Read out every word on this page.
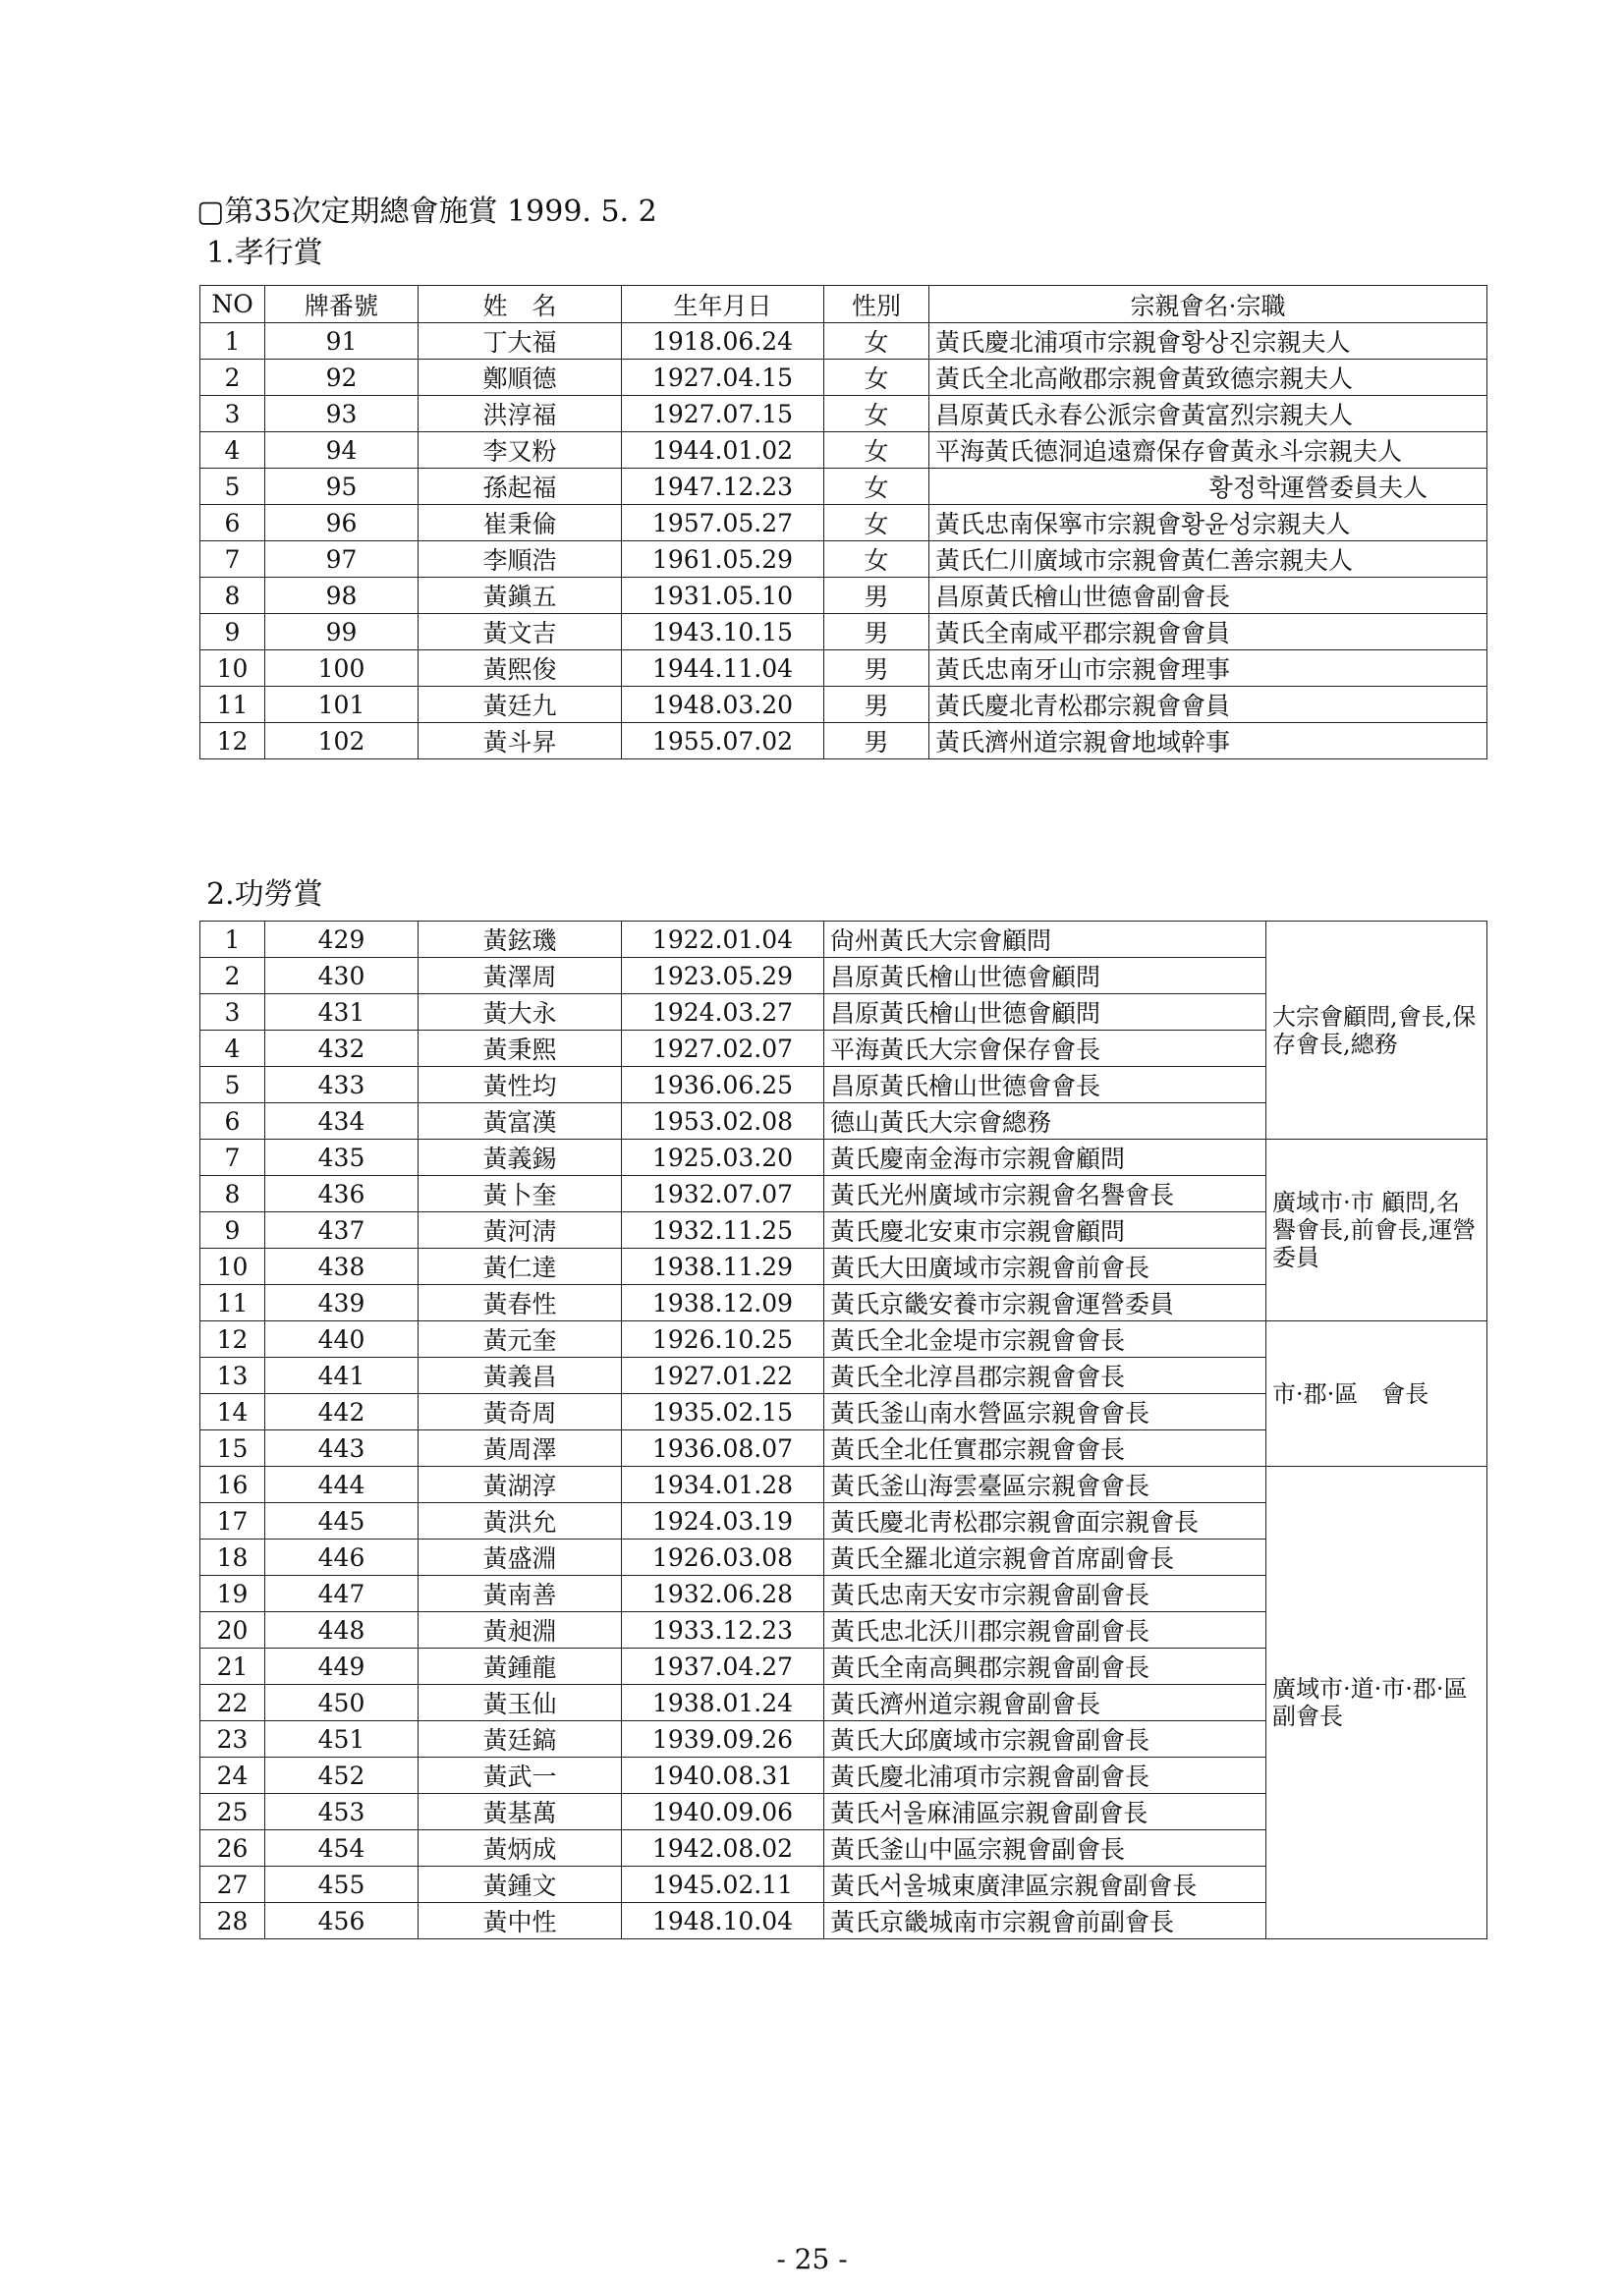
▢第35次定期總會施賞 1999. 5. 2
1.孝行賞
NO	牌番號	姓　名	生年月日	性別	宗親會名·宗職
1	91	丁大福	1918.06.24	女	黃氏慶北浦項市宗親會황상진宗親夫人
2	92	鄭順德	1927.04.15	女	黃氏全北高敞郡宗親會黃致德宗親夫人
3	93	洪淳福	1927.07.15	女	昌原黃氏永春公派宗會黃富烈宗親夫人
4	94	李又粉	1944.01.02	女	平海黃氏德洞追遠齋保存會黃永斗宗親夫人
5	95	孫起福	1947.12.23	女	황정학運營委員夫人
6	96	崔秉倫	1957.05.27	女	黃氏忠南保寧市宗親會황윤성宗親夫人
7	97	李順浩	1961.05.29	女	黃氏仁川廣域市宗親會黃仁善宗親夫人
8	98	黃鎭五	1931.05.10	男	昌原黃氏檜山世德會副會長
9	99	黃文吉	1943.10.15	男	黃氏全南咸平郡宗親會會員
10	100	黃熙俊	1944.11.04	男	黃氏忠南牙山市宗親會理事
11	101	黃廷九	1948.03.20	男	黃氏慶北青松郡宗親會會員
12	102	黃斗昇	1955.07.02	男	黃氏濟州道宗親會地域幹事
2.功勞賞
1	429	黃鉉璣	1922.01.04	尙州黃氏大宗會顧問	大宗會顧問,會長,保存會長,總務
2	430	黃澤周	1923.05.29	昌原黃氏檜山世德會顧問	
3	431	黃大永	1924.03.27	昌原黃氏檜山世德會顧問	
4	432	黃秉熙	1927.02.07	平海黃氏大宗會保存會長	
5	433	黃性均	1936.06.25	昌原黃氏檜山世德會會長	
6	434	黃富漢	1953.02.08	德山黃氏大宗會總務	
7	435	黃義錫	1925.03.20	黃氏慶南金海市宗親會顧問	廣域市·市 顧問,名譽會長,前會長,運營委員
8	436	黃卜奎	1932.07.07	黃氏光州廣域市宗親會名譽會長	
9	437	黃河淸	1932.11.25	黃氏慶北安東市宗親會顧問	
10	438	黃仁達	1938.11.29	黃氏大田廣域市宗親會前會長	
11	439	黃春性	1938.12.09	黃氏京畿安養市宗親會運營委員	
12	440	黃元奎	1926.10.25	黃氏全北金堤市宗親會會長	市·郡·區　會長
13	441	黃義昌	1927.01.22	黃氏全北淳昌郡宗親會會長	
14	442	黃奇周	1935.02.15	黃氏釜山南水營區宗親會會長	
15	443	黃周澤	1936.08.07	黃氏全北任實郡宗親會會長	
16	444	黃湖淳	1934.01.28	黃氏釜山海雲臺區宗親會會長	廣域市·道·市·郡·區 副會長
17	445	黃洪允	1924.03.19	黃氏慶北靑松郡宗親會面宗親會長	
18	446	黃盛淵	1926.03.08	黃氏全羅北道宗親會首席副會長	
19	447	黃南善	1932.06.28	黃氏忠南天安市宗親會副會長	
20	448	黃昶淵	1933.12.23	黃氏忠北沃川郡宗親會副會長	
21	449	黃鍾龍	1937.04.27	黃氏全南高興郡宗親會副會長	
22	450	黃玉仙	1938.01.24	黃氏濟州道宗親會副會長	
23	451	黃廷鎬	1939.09.26	黃氏大邱廣域市宗親會副會長	
24	452	黃武一	1940.08.31	黃氏慶北浦項市宗親會副會長	
25	453	黃基萬	1940.09.06	黃氏서울麻浦區宗親會副會長	
26	454	黃炳成	1942.08.02	黃氏釜山中區宗親會副會長	
27	455	黃鍾文	1945.02.11	黃氏서울城東廣津區宗親會副會長	
28	456	黃中性	1948.10.04	黃氏京畿城南市宗親會前副會長	
- 25 -
